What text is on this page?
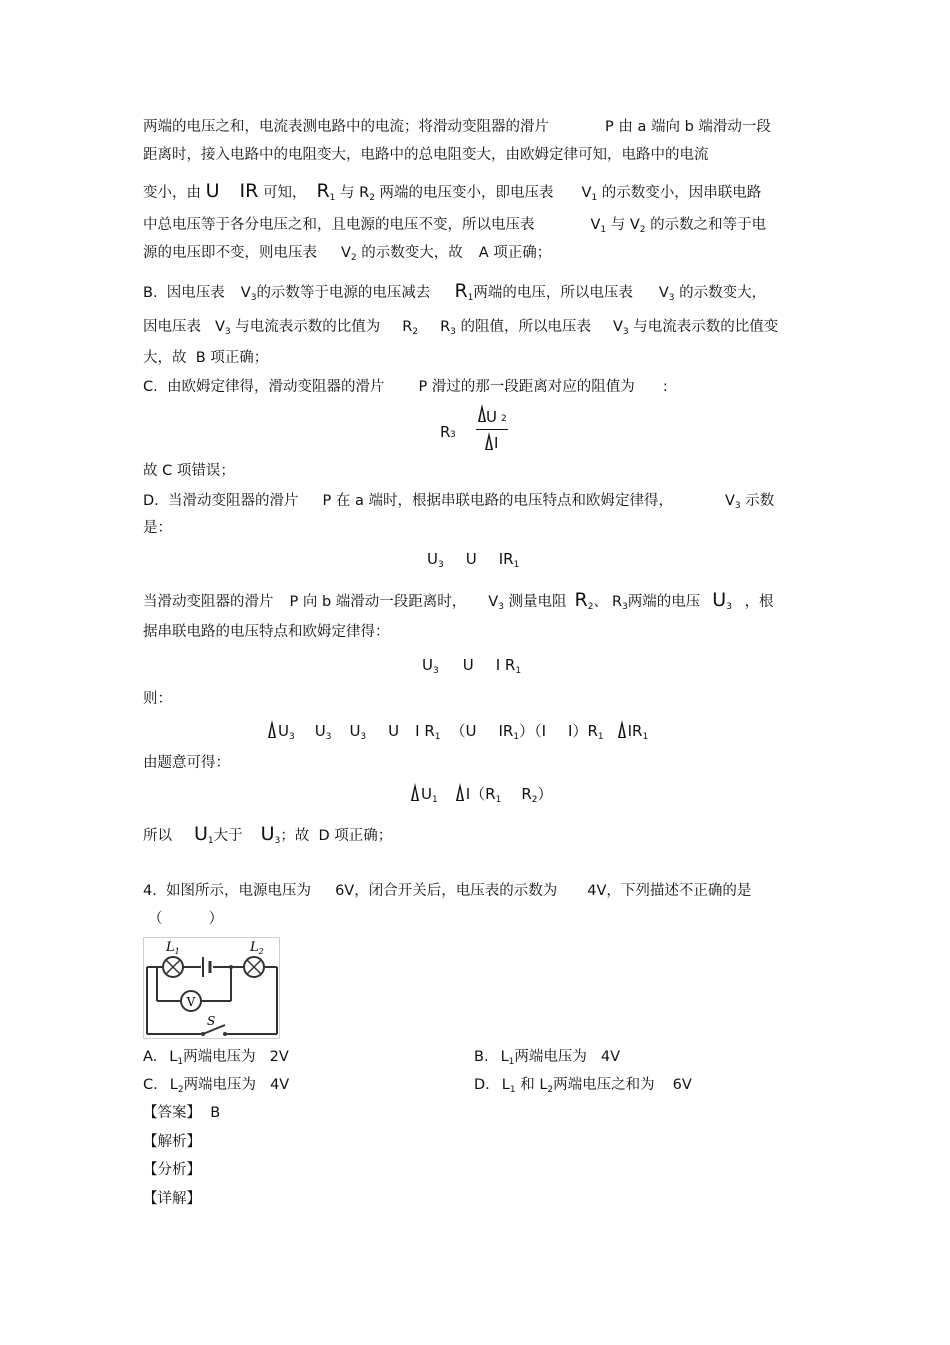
两端的电压之和，电流表测电路中的电流；将滑动变阻器的滑片	P 由 a 端向 b 端滑动一段
距离时，接入电路中的电阻变大，电路中的总电阻变大，由欧姆定律可知，电路中的电流
变小，由 U IR 可知， $R_1$ 与 $R_2$ 两端的电压变小，即电压表 $V_1$ 的示数变小，因串联电路
中总电压等于各分电压之和，且电源的电压不变，所以电压表	$V_1$ 与 $V_2$ 的示数之和等于电
源的电压即不变，则电压表 $V_2$ 的示数变大，故 A 项正确；
B.  因电压表 $V_3$的示数等于电源的电压减去 $R_1$两端的电压，所以电压表 $V_3$ 的示数变大，
因电压表 $V_3$ 与电流表示数的比值为 $R_2$ $R_3$ 的阻值，所以电压表 $V_3$ 与电流表示数的比值变
大，故  B 项正确；
C.  由欧姆定律得，滑动变阻器的滑片 P 滑过的那一段距离对应的阻值为 :
R 3
U 2
I
故 C 项错误；
D.  当滑动变阻器的滑片 P 在 a 端时，根据串联电路的电压特点和欧姆定律得，	$V_3$ 示数
是：
$U_3$ U $IR_1$
当滑动变阻器的滑片 P 向 b 端滑动一段距离时， $V_3$ 测量电阻 $R_2$、 $R_3$两端的电压 $U_3$ ，根
据串联电路的电压特点和欧姆定律得：
$U_3$ U I $R_1$
则：
$U_3$ $U_3$ $U_3$ U I $R_1$ （U $IR_1)(I$ $I)R_1$ $IR_1$
由题意可得：
$U_1$ $I(R_1$ $R_2$）
所以 $U_1$大于 $U_3$；故  D 项正确；
4.  如图所示，电源电压为 6V，闭合开关后，电压表的示数为 4V，下列描述不正确的是
（          ）
V
$L_1$	$L_2$
S
A. $L_1$两端电压为 2V	B. $L_1$两端电压为 4V
C. $L_2$两端电压为 4V	D. $L_1$ 和 $L_2$两端电压之和为 6V
【答案】  B
【解析】
【分析】
【详解】
